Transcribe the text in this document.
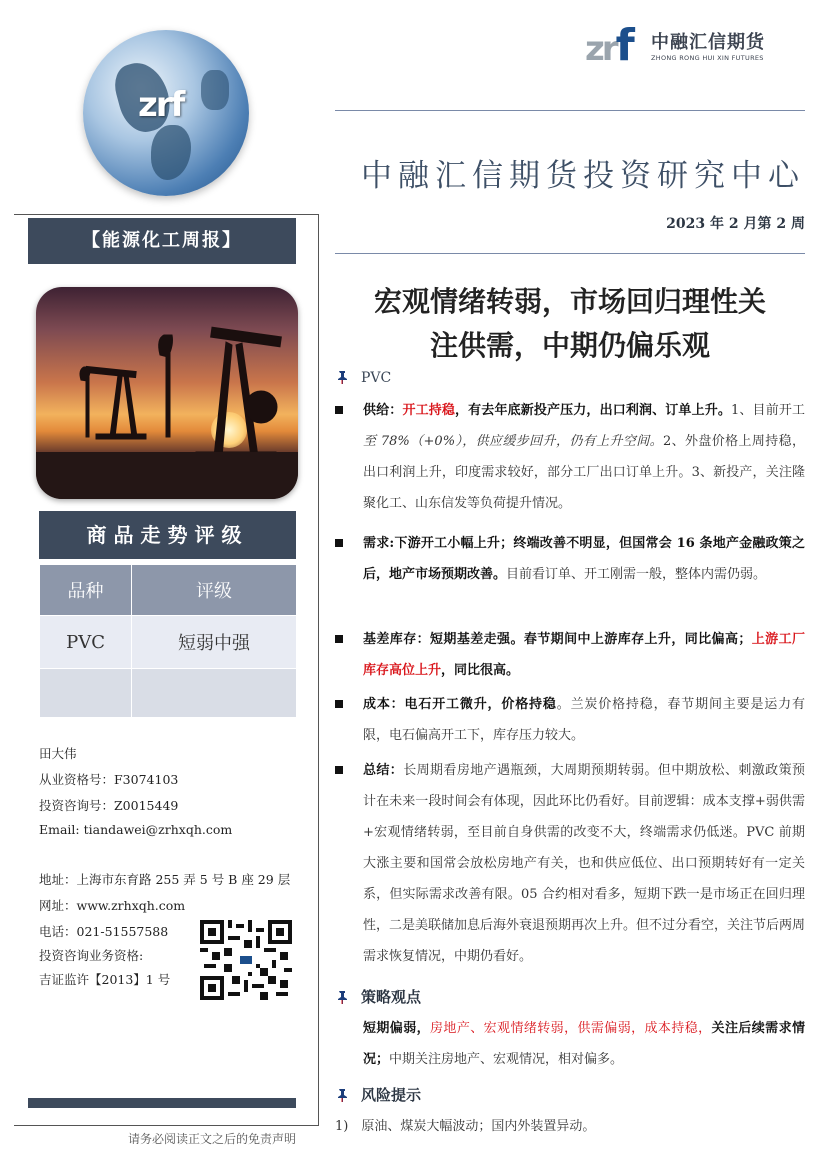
zrf
zrf 中融汇信期货
ZHONG RONG HUI XIN FUTURES
中融汇信期货投资研究中心
2023 年 2 月第 2 周
【能源化工周报】
商品走势评级
品种	评级
PVC	短弱中强

田大伟
从业资格号：F3074103
投资咨询号：Z0015449
Email: tiandawei@zrhxqh.com
地址：上海市东育路 255 弄 5 号 B 座 29 层
网址：www.zrhxqh.com
电话：021-51557588
投资咨询业务资格:
吉证监许【2013】1 号
请务必阅读正文之后的免责声明
宏观情绪转弱，市场回归理性关
注供需，中期仍偏乐观
PVC
供给：开工持稳，有去年底新投产压力，出口利润、订单上升。1、目前开工至 78%（+0%），供应缓步回升，仍有上升空间。2、外盘价格上周持稳，出口利润上升，印度需求较好，部分工厂出口订单上升。3、新投产，关注隆聚化工、山东信发等负荷提升情况。
需求:下游开工小幅上升；终端改善不明显，但国常会 16 条地产金融政策之后，地产市场预期改善。目前看订单、开工刚需一般，整体内需仍弱。
基差库存：短期基差走强。春节期间中上游库存上升，同比偏高；上游工厂库存高位上升，同比很高。
成本：电石开工微升，价格持稳。兰炭价格持稳，春节期间主要是运力有限，电石偏高开工下，库存压力较大。
总结：长周期看房地产遇瓶颈，大周期预期转弱。但中期放松、刺激政策预计在未来一段时间会有体现，因此环比仍看好。目前逻辑：成本支撑+弱供需+宏观情绪转弱，至目前自身供需的改变不大，终端需求仍低迷。PVC 前期大涨主要和国常会放松房地产有关，也和供应低位、出口预期转好有一定关系，但实际需求改善有限。05 合约相对看多，短期下跌一是市场正在回归理性，二是美联储加息后海外衰退预期再次上升。但不过分看空，关注节后两周需求恢复情况，中期仍看好。
策略观点
短期偏弱，房地产、宏观情绪转弱，供需偏弱，成本持稳，关注后续需求情况；中期关注房地产、宏观情况，相对偏多。
风险提示
1)　原油、煤炭大幅波动；国内外装置异动。
